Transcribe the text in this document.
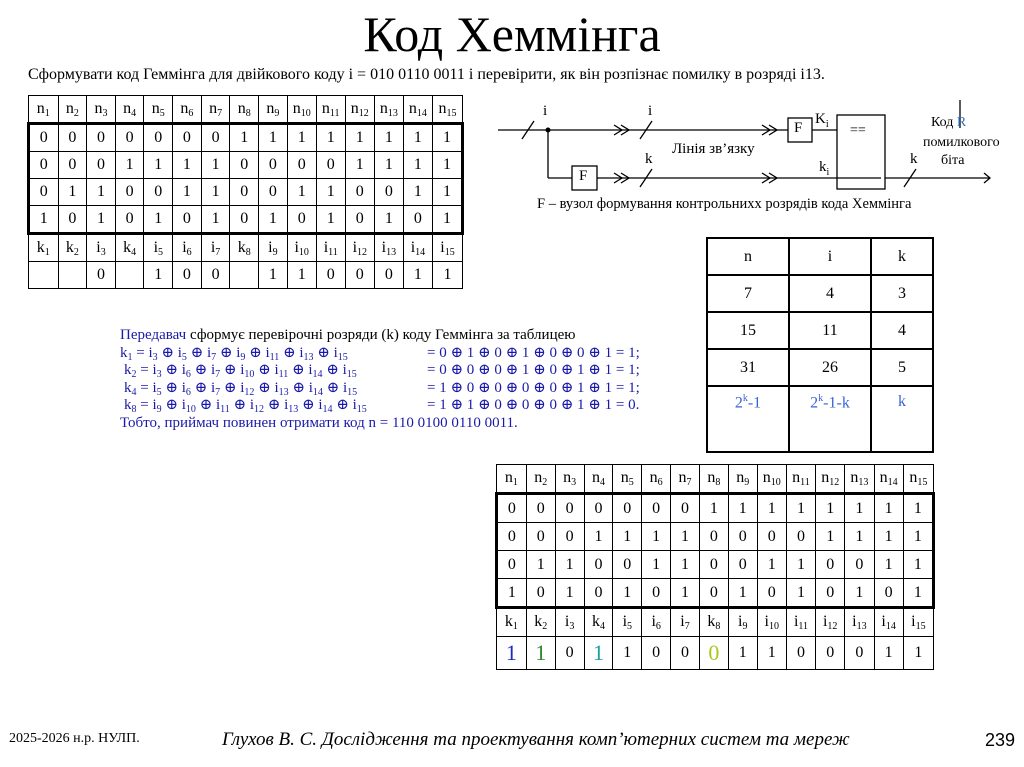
Код Хеммінга
Сформувати код Геммінга для двійкового коду i = 010 0110 0011 і перевірити, як він розпізнає помилку в розряді i13.
$n_1$	$n_2$	$n_3$	$n_4$	$n_5$	$n_6$	$n_7$	$n_8$	$n_9$	$n_{10}$	$n_{11}$	$n_{12}$	$n_{13}$	$n_{14}$	$n_{15}$
0	0	0	0	0	0	0	1	1	1	1	1	1	1	1
0	0	0	1	1	1	1	0	0	0	0	1	1	1	1
0	1	1	0	0	1	1	0	0	1	1	0	0	1	1
1	0	1	0	1	0	1	0	1	0	1	0	1	0	1
$k_1$	$k_2$	$i_3$	$k_4$	$i_5$	$i_6$	$i_7$	$k_8$	$i_9$	$i_{10}$	$i_{11}$	$i_{12}$	$i_{13}$	$i_{14}$	$i_{15}$
		0		1	0	0		1	1	0	0	0	1	1
i	i
k
F
F
Лінія зв’язку
$K_i$
$k_i$
==
k
Код R
помилкового
біта
F – вузол формування контрольнихх розрядів кода Хеммінга
n	i	k
7	4	3
15	11	4
31	26	5
2$^k$-1	2$^k$-1-k	k
Передавач сформує перевірочні розряди (k) коду Геммінга за таблицею
$k_1 = i_3$ ⊕ $i_5$ ⊕ $i_7$ ⊕ $i_9$ ⊕ $i_{11}$ ⊕ $i_{13}$ ⊕ $i_{15}$	= 0 ⊕ 1 ⊕ 0 ⊕ 1 ⊕ 0 ⊕ 0 ⊕ 1 = 1;
$k_2 = i_3$ ⊕ $i_6$ ⊕ $i_7$ ⊕ $i_{10}$ ⊕ $i_{11}$ ⊕ $i_{14}$ ⊕ $i_{15}$	= 0 ⊕ 0 ⊕ 0 ⊕ 1 ⊕ 0 ⊕ 1 ⊕ 1 = 1;
$k_4 = i_5$ ⊕ $i_6$ ⊕ $i_7$ ⊕ $i_{12}$ ⊕ $i_{13}$ ⊕ $i_{14}$ ⊕ $i_{15}$	= 1 ⊕ 0 ⊕ 0 ⊕ 0 ⊕ 0 ⊕ 1 ⊕ 1 = 1;
$k_8 = i_9$ ⊕ $i_{10}$ ⊕ $i_{11}$ ⊕ $i_{12}$ ⊕ $i_{13}$ ⊕ $i_{14}$ ⊕ $i_{15}$	= 1 ⊕ 1 ⊕ 0 ⊕ 0 ⊕ 0 ⊕ 1 ⊕ 1 = 0.
Тобто, приймач повинен отримати код n = 110 0100 0110 0011.
$n_1$	$n_2$	$n_3$	$n_4$	$n_5$	$n_6$	$n_7$	$n_8$	$n_9$	$n_{10}$	$n_{11}$	$n_{12}$	$n_{13}$	$n_{14}$	$n_{15}$
0	0	0	0	0	0	0	1	1	1	1	1	1	1	1
0	0	0	1	1	1	1	0	0	0	0	1	1	1	1
0	1	1	0	0	1	1	0	0	1	1	0	0	1	1
1	0	1	0	1	0	1	0	1	0	1	0	1	0	1
$k_1$	$k_2$	$i_3$	$k_4$	$i_5$	$i_6$	$i_7$	$k_8$	$i_9$	$i_{10}$	$i_{11}$	$i_{12}$	$i_{13}$	$i_{14}$	$i_{15}$
1	1	0	1	1	0	0	0	1	1	0	0	0	1	1
2025-2026 н.р. НУЛП.	Глухов В. С. Дослідження та проектування комп’ютерних систем та мереж	239
